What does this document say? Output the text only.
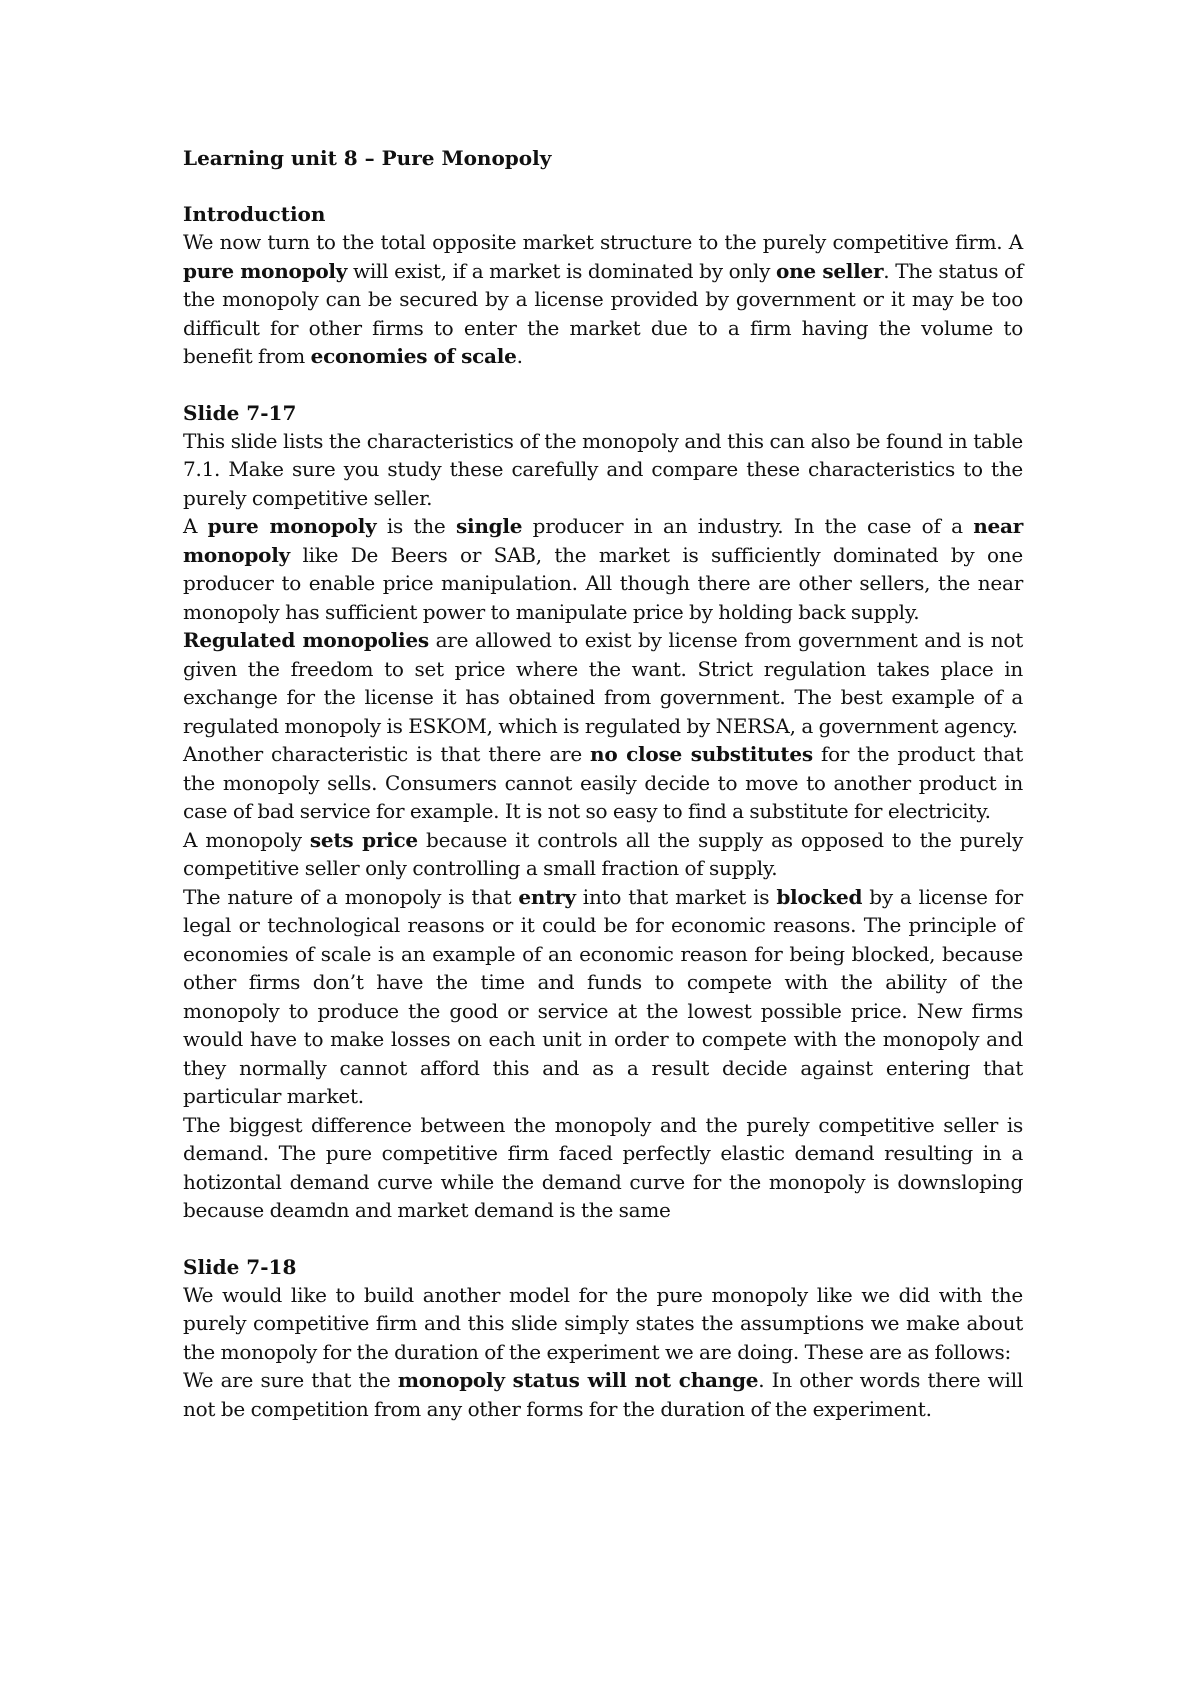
Learning unit 8 – Pure Monopoly

Introduction

We now turn to the total opposite market structure to the purely competitive firm. A pure monopoly will exist, if a market is dominated by only one seller. The status of the monopoly can be secured by a license provided by government or it may be too difficult for other firms to enter the market due to a firm having the volume to benefit from economies of scale.

Slide 7-17

This slide lists the characteristics of the monopoly and this can also be found in table 7.1. Make sure you study these carefully and compare these characteristics to the purely competitive seller.

A pure monopoly is the single producer in an industry. In the case of a near monopoly like De Beers or SAB, the market is sufficiently dominated by one producer to enable price manipulation. All though there are other sellers, the near monopoly has sufficient power to manipulate price by holding back supply.

Regulated monopolies are allowed to exist by license from government and is not given the freedom to set price where the want. Strict regulation takes place in exchange for the license it has obtained from government. The best example of a regulated monopoly is ESKOM, which is regulated by NERSA, a government agency.

Another characteristic is that there are no close substitutes for the product that the monopoly sells. Consumers cannot easily decide to move to another product in case of bad service for example. It is not so easy to find a substitute for electricity.

A monopoly sets price because it controls all the supply as opposed to the purely competitive seller only controlling a small fraction of supply.

The nature of a monopoly is that entry into that market is blocked by a license for legal or technological reasons or it could be for economic reasons. The principle of economies of scale is an example of an economic reason for being blocked, because other firms don’t have the time and funds to compete with the ability of the monopoly to produce the good or service at the lowest possible price. New firms would have to make losses on each unit in order to compete with the monopoly and they normally cannot afford this and as a result decide against entering that particular market.

The biggest difference between the monopoly and the purely competitive seller is demand. The pure competitive firm faced perfectly elastic demand resulting in a hotizontal demand curve while the demand curve for the monopoly is downsloping because deamdn and market demand is the same

Slide 7-18

We would like to build another model for the pure monopoly like we did with the purely competitive firm and this slide simply states the assumptions we make about the monopoly for the duration of the experiment we are doing. These are as follows:

We are sure that the monopoly status will not change. In other words there will not be competition from any other forms for the duration of the experiment.
